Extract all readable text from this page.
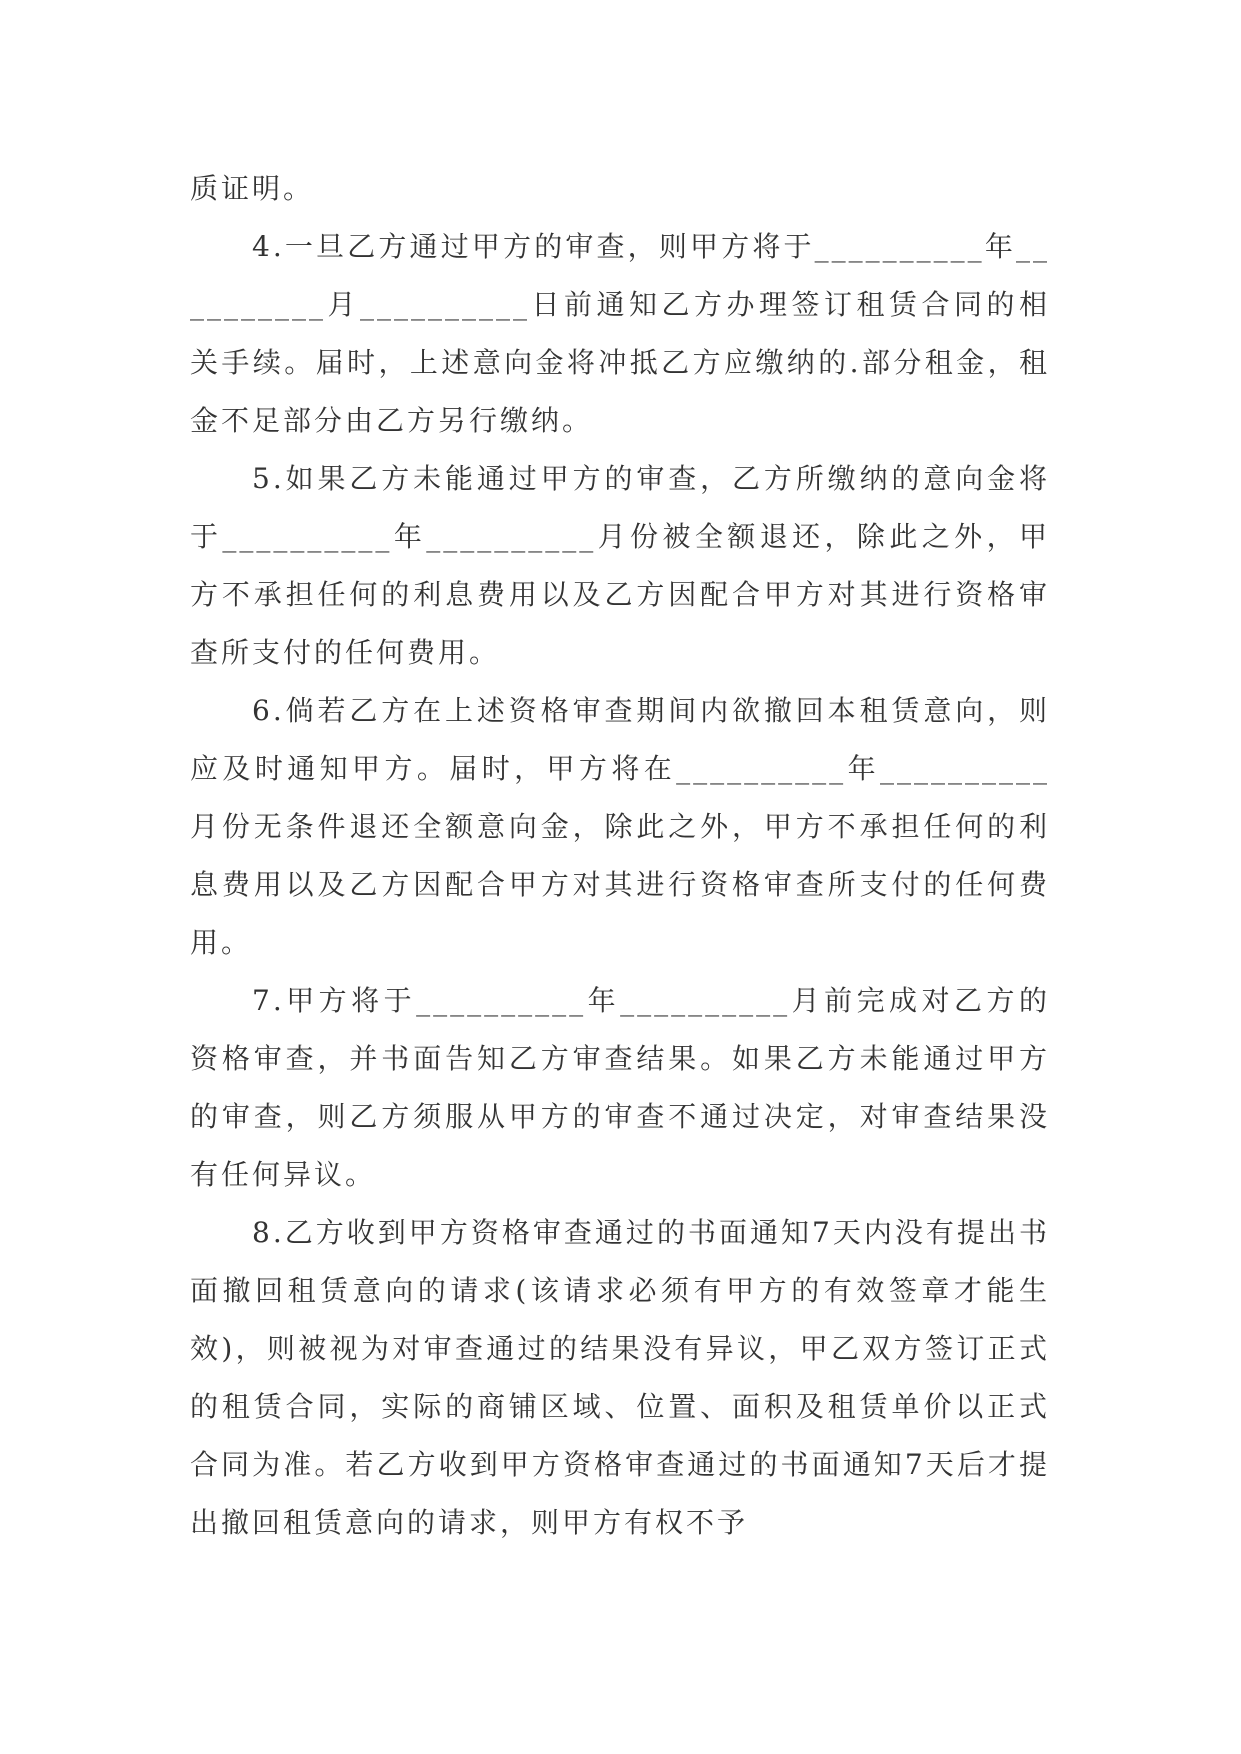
质证明。

4.一旦乙方通过甲方的审查，则甲方将于__________年__________月__________日前通知乙方办理签订租赁合同的相关手续。届时，上述意向金将冲抵乙方应缴纳的.部分租金，租金不足部分由乙方另行缴纳。

5.如果乙方未能通过甲方的审查，乙方所缴纳的意向金将于__________年__________月份被全额退还，除此之外，甲方不承担任何的利息费用以及乙方因配合甲方对其进行资格审查所支付的任何费用。

6.倘若乙方在上述资格审查期间内欲撤回本租赁意向，则应及时通知甲方。届时，甲方将在__________年__________月份无条件退还全额意向金，除此之外，甲方不承担任何的利息费用以及乙方因配合甲方对其进行资格审查所支付的任何费用。

7.甲方将于__________年__________月前完成对乙方的资格审查，并书面告知乙方审查结果。如果乙方未能通过甲方的审查，则乙方须服从甲方的审查不通过决定，对审查结果没有任何异议。

8.乙方收到甲方资格审查通过的书面通知7天内没有提出书面撤回租赁意向的请求(该请求必须有甲方的有效签章才能生效)，则被视为对审查通过的结果没有异议，甲乙双方签订正式的租赁合同，实际的商铺区域、位置、面积及租赁单价以正式合同为准。若乙方收到甲方资格审查通过的书面通知7天后才提出撤回租赁意向的请求，则甲方有权不予
